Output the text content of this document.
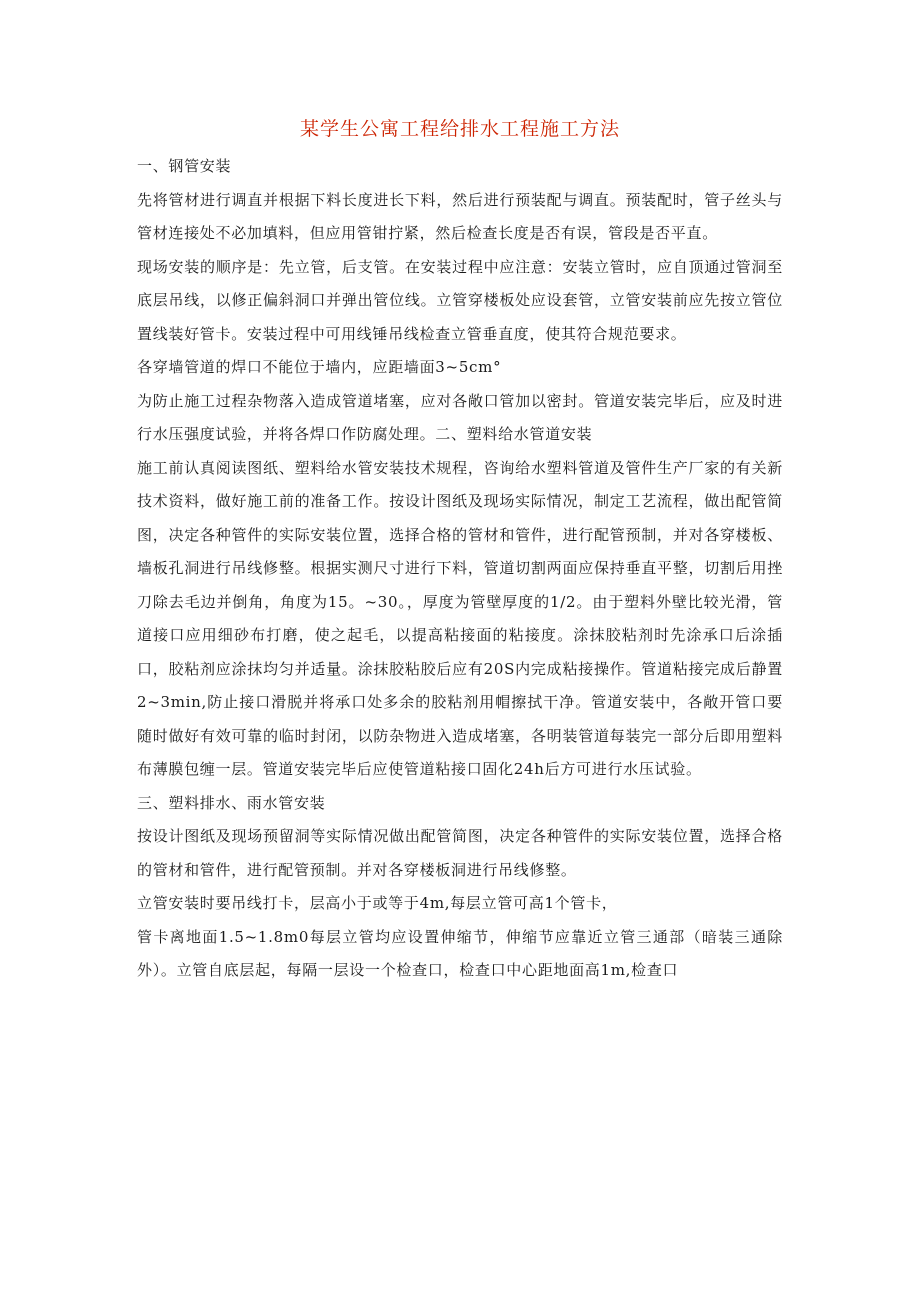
某学生公寓工程给排水工程施工方法

一、钢管安装

先将管材进行调直并根据下料长度进长下料，然后进行预装配与调直。预装配时，管子丝头与管材连接处不必加填料，但应用管钳拧紧，然后检查长度是否有误，管段是否平直。

现场安装的顺序是：先立管，后支管。在安装过程中应注意：安装立管时，应自顶通过管洞至底层吊线，以修正偏斜洞口并弹出管位线。立管穿楼板处应设套管，立管安装前应先按立管位置线装好管卡。安装过程中可用线锤吊线检查立管垂直度，使其符合规范要求。

各穿墙管道的焊口不能位于墙内，应距墙面3~5cm°

为防止施工过程杂物落入造成管道堵塞，应对各敞口管加以密封。管道安装完毕后，应及时进行水压强度试验，并将各焊口作防腐处理。二、塑料给水管道安装

施工前认真阅读图纸、塑料给水管安装技术规程，咨询给水塑料管道及管件生产厂家的有关新技术资料，做好施工前的准备工作。按设计图纸及现场实际情况，制定工艺流程，做出配管简图，决定各种管件的实际安装位置，选择合格的管材和管件，进行配管预制，并对各穿楼板、墙板孔洞进行吊线修整。根据实测尺寸进行下料，管道切割两面应保持垂直平整，切割后用挫刀除去毛边并倒角，角度为15。~30。，厚度为管壁厚度的1/2。由于塑料外壁比较光滑，管道接口应用细砂布打磨，使之起毛，以提高粘接面的粘接度。涂抹胶粘剂时先涂承口后涂插口，胶粘剂应涂抹均匀并适量。涂抹胶粘胶后应有20S内完成粘接操作。管道粘接完成后静置2~3min,防止接口滑脱并将承口处多余的胶粘剂用帽擦拭干净。管道安装中，各敞开管口要随时做好有效可靠的临时封闭，以防杂物进入造成堵塞，各明装管道每装完一部分后即用塑料布薄膜包缠一层。管道安装完毕后应使管道粘接口固化24h后方可进行水压试验。

三、塑料排水、雨水管安装

按设计图纸及现场预留洞等实际情况做出配管简图，决定各种管件的实际安装位置，选择合格的管材和管件，进行配管预制。并对各穿楼板洞进行吊线修整。

立管安装时要吊线打卡，层高小于或等于4m,每层立管可高1个管卡，

管卡离地面1.5~1.8m0每层立管均应设置伸缩节，伸缩节应靠近立管三通部（暗装三通除外）。立管自底层起，每隔一层设一个检查口，检查口中心距地面高1m,检查口
